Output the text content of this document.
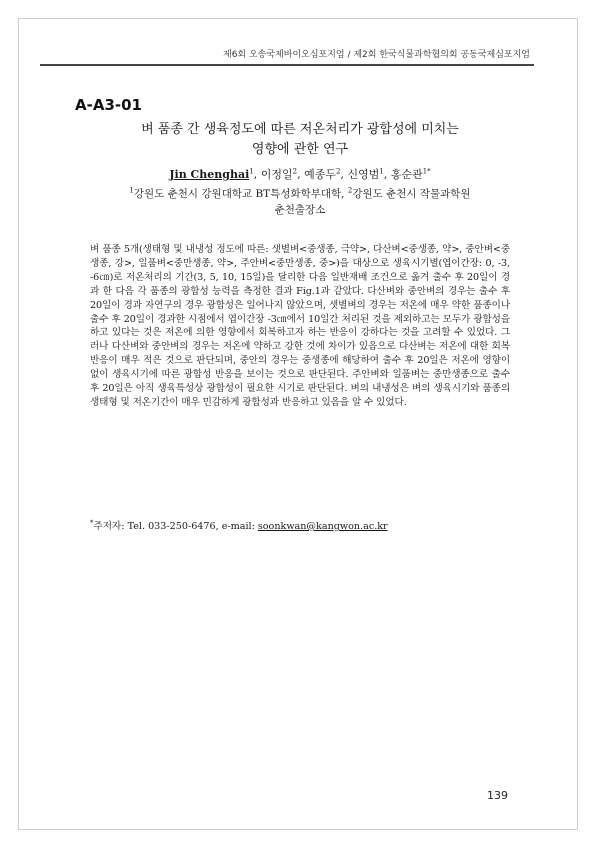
제6회 오송국제바이오심포지엄 / 제2회 한국식물과학협의회 공동국제심포지엄
A-A3-01
벼 품종 간 생육정도에 따른 저온처리가 광합성에 미치는
영향에 관한 연구
Jin Chenghai$^1$, 이정일$^2$, 예종두$^2$, 신영범$^1$, 홍순관$^{1*}$
$^1$강원도 춘천시 강원대학교 BT특성화학부대학, $^2$강원도 춘천시 작물과학원
춘천출장소
벼 품종 5개(생태형 및 내냉성 정도에 따른: 샛별벼<중생종, 극약>, 다산벼<중생종, 약>, 중안벼<중생종, 강>, 일품벼<중만생종, 약>, 주안벼<중만생종, 중>)을 대상으로 생육시기별(엽이간장: 0, -3, -6㎝)로 저온처리의 기간(3, 5, 10, 15일)을 달리한 다음 일반재배 조건으로 옮겨 출수 후 20일이 경과 한 다음 각 품종의 광합성 능력을 측정한 결과 Fig.1과 같았다. 다산벼와 중안벼의 경우는 출수 후 20일이 경과 자연구의 경우 광합성은 일어나지 않았으며, 샛별벼의 경우는 저온에 매우 약한 품종이나 출수 후 20일이 경과한 시점에서 엽이간장 -3㎝에서 10일간 처리된 것을 제외하고는 모두가 광합성을 하고 있다는 것은 저온에 의한 영향에서 회복하고자 하는 반응이 강하다는 것을 고려할 수 있었다. 그러나 다산벼와 중안벼의 경우는 저온에 약하고 강한 것에 차이가 있음으로 다산벼는 저온에 대한 회복반응이 매우 적은 것으로 판단되며, 중안의 경우는 중생종에 해당하여 출수 후 20일은 저온에 영향이 없이 생육시기에 따른 광합성 반응을 보이는 것으로 판단된다. 주안벼와 일품벼는 중만생종으로 출수 후 20일은 아직 생육특성상 광합성이 필요한 시기로 판단된다. 벼의 내냉성은 벼의 생육시기와 품종의 생태형 및 저온기간이 매우 민감하게 광합성과 반응하고 있음을 알 수 있었다.
*주저자: Tel. 033-250-6476, e-mail: soonkwan@kangwon.ac.kr
139
